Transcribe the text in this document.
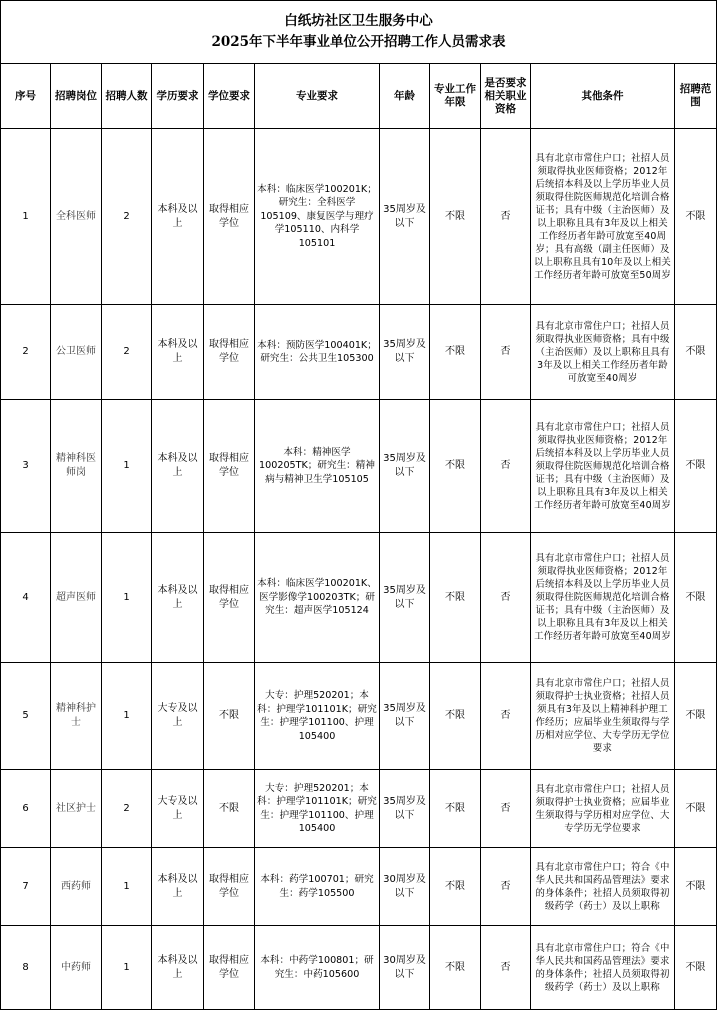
白纸坊社区卫生服务中心
2025年下半年事业单位公开招聘工作人员需求表										

序号	招聘岗位	招聘人数	学历要求	学位要求	专业要求	年龄	专业工作年限	是否要求相关职业资格	其他条件	招聘范围
1	全科医师	2	本科及以上	取得相应学位	本科：临床医学100201K；研究生：全科医学105109、康复医学与理疗学105110、内科学105101	35周岁及以下	不限	否	具有北京市常住户口；社招人员须取得执业医师资格；2012年后统招本科及以上学历毕业人员须取得住院医师规范化培训合格证书；具有中级（主治医师）及以上职称且具有3年及以上相关工作经历者年龄可放宽至40周岁；具有高级（副主任医师）及以上职称且具有10年及以上相关工作经历者年龄可放宽至50周岁	不限
2	公卫医师	2	本科及以上	取得相应学位	本科：预防医学100401K；研究生：公共卫生105300	35周岁及以下	不限	否	具有北京市常住户口；社招人员须取得执业医师资格；具有中级（主治医师）及以上职称且具有3年及以上相关工作经历者年龄可放宽至40周岁	不限
3	精神科医师岗	1	本科及以上	取得相应学位	本科：精神医学100205TK；研究生：精神病与精神卫生学105105	35周岁及以下	不限	否	具有北京市常住户口；社招人员须取得执业医师资格；2012年后统招本科及以上学历毕业人员须取得住院医师规范化培训合格证书；具有中级（主治医师）及以上职称且具有3年及以上相关工作经历者年龄可放宽至40周岁	不限
4	超声医师	1	本科及以上	取得相应学位	本科：临床医学100201K、医学影像学100203TK；研究生：超声医学105124	35周岁及以下	不限	否	具有北京市常住户口；社招人员须取得执业医师资格；2012年后统招本科及以上学历毕业人员须取得住院医师规范化培训合格证书；具有中级（主治医师）及以上职称且具有3年及以上相关工作经历者年龄可放宽至40周岁	不限
5	精神科护士	1	大专及以上	不限	大专：护理520201；本科：护理学101101K；研究生：护理学101100、护理105400	35周岁及以下	不限	否	具有北京市常住户口；社招人员须取得护士执业资格；社招人员须具有3年及以上精神科护理工作经历；应届毕业生须取得与学历相对应学位、大专学历无学位要求	不限
6	社区护士	2	大专及以上	不限	大专：护理520201；本科：护理学101101K；研究生：护理学101100、护理105400	35周岁及以下	不限	否	具有北京市常住户口；社招人员须取得护士执业资格；应届毕业生须取得与学历相对应学位、大专学历无学位要求	不限
7	西药师	1	本科及以上	取得相应学位	本科：药学100701；研究生：药学105500	30周岁及以下	不限	否	具有北京市常住户口；符合《中华人民共和国药品管理法》要求的身体条件；社招人员须取得初级药学（药士）及以上职称	不限
8	中药师	1	本科及以上	取得相应学位	本科：中药学100801；研究生：中药105600	30周岁及以下	不限	否	具有北京市常住户口；符合《中华人民共和国药品管理法》要求的身体条件；社招人员须取得初级药学（药士）及以上职称	不限
